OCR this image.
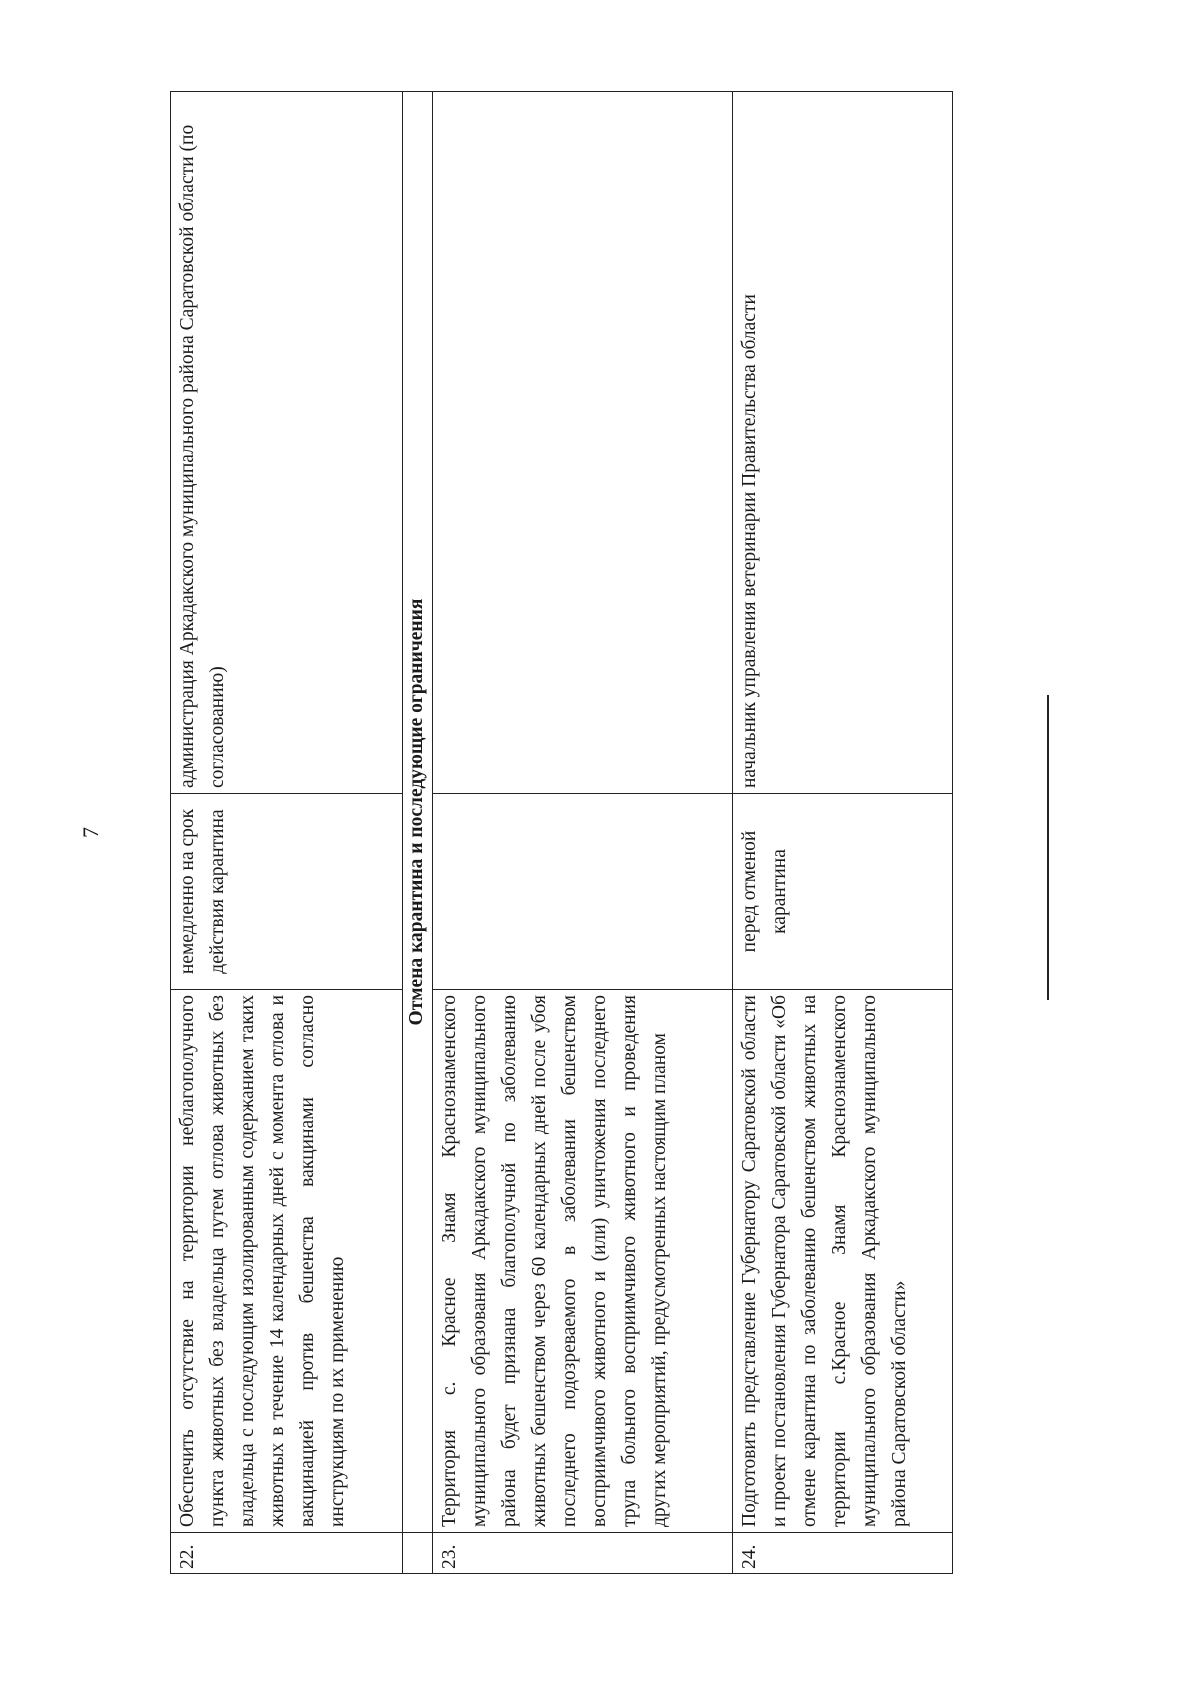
7
22.	Обеспечить отсутствие на территории неблагополучного пункта животных без владельца путем отлова животных без владельца с последующим изолированным содержанием таких животных в течение 14 календарных дней с момента отлова и вакцинацией против бешенства вакцинами согласно инструкциям по их применению	немедленно на срок действия карантина	администрация Аркадакского муниципального района Саратовской области (по согласованию)
	Отмена карантина и последующие ограничения		
23.	Территория с. Красное Знамя Краснознаменского муниципального образования Аркадакского муниципального района будет признана благополучной по заболеванию животных бешенством через 60 календарных дней после убоя последнего подозреваемого в заболевании бешенством восприимчивого животного и (или) уничтожения последнего трупа больного восприимчивого животного и проведения других мероприятий, предусмотренных настоящим планом		
24.	Подготовить представление Губернатору Саратовской области и проект постановления Губернатора Саратовской области «Об отмене карантина по заболеванию бешенством животных на территории с.Красное Знамя Краснознаменского муниципального образования Аркадакского муниципального района Саратовской области»	перед отменой карантина	начальник управления ветеринарии Правительства области
